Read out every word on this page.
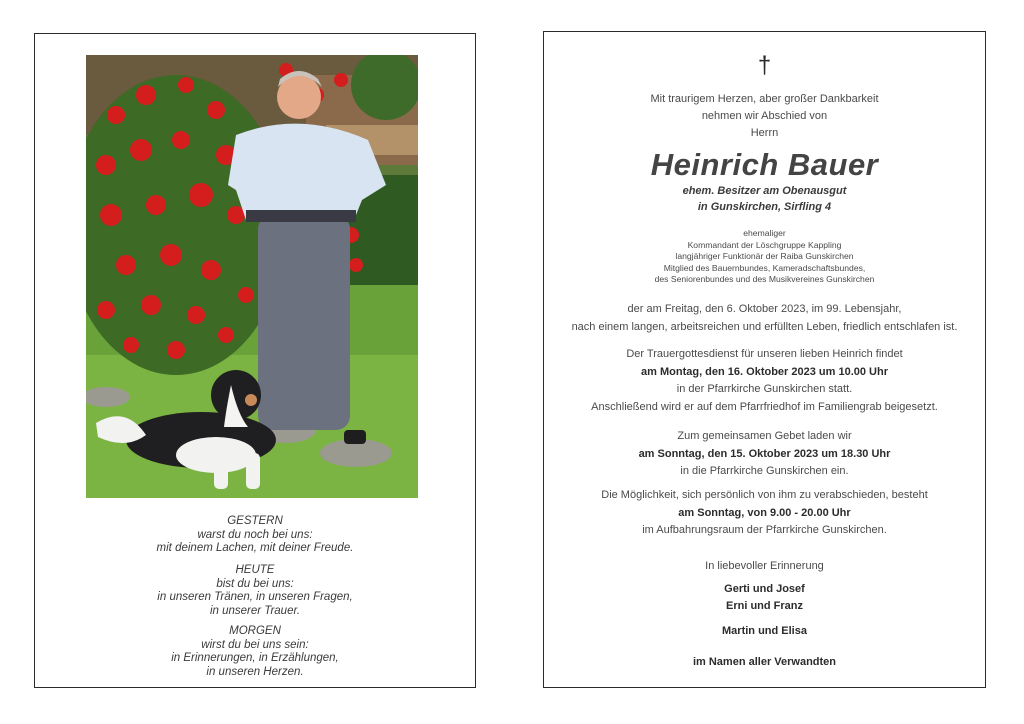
GESTERN
warst du noch bei uns:
mit deinem Lachen, mit deiner Freude.
HEUTE
bist du bei uns:
in unseren Tränen, in unseren Fragen,
in unserer Trauer.
MORGEN
wirst du bei uns sein:
in Erinnerungen, in Erzählungen,
in unseren Herzen.
†
Mit traurigem Herzen, aber großer Dankbarkeit
nehmen wir Abschied von
Herrn
Heinrich Bauer
ehem. Besitzer am Obenausgut
in Gunskirchen, Sirfling 4
ehemaliger
Kommandant der Löschgruppe Kappling
langjähriger Funktionär der Raiba Gunskirchen
Mitglied des Bauernbundes, Kameradschaftsbundes,
des Seniorenbundes und des Musikvereines Gunskirchen
der am Freitag, den 6. Oktober 2023, im 99. Lebensjahr,
nach einem langen, arbeitsreichen und erfüllten Leben, friedlich entschlafen ist.
Der Trauergottesdienst für unseren lieben Heinrich findet
am Montag, den 16. Oktober 2023 um 10.00 Uhr
in der Pfarrkirche Gunskirchen statt.
Anschließend wird er auf dem Pfarrfriedhof im Familiengrab beigesetzt.
Zum gemeinsamen Gebet laden wir
am Sonntag, den 15. Oktober 2023 um 18.30 Uhr
in die Pfarrkirche Gunskirchen ein.
Die Möglichkeit, sich persönlich von ihm zu verabschieden, besteht
am Sonntag, von 9.00 - 20.00 Uhr
im Aufbahrungsraum der Pfarrkirche Gunskirchen.
In liebevoller Erinnerung
Gerti und Josef
Erni und Franz
Martin und Elisa
im Namen aller Verwandten
